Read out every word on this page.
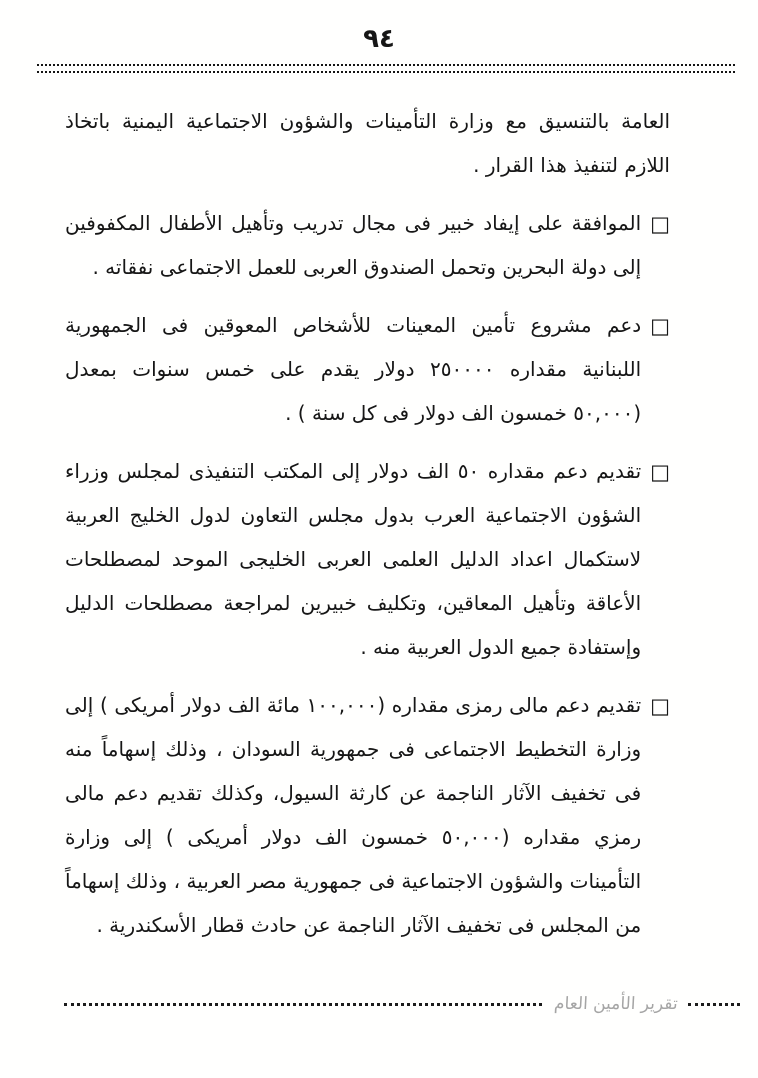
٩٤

العامة بالتنسيق مع وزارة التأمينات والشؤون الاجتماعية اليمنية باتخاذ اللازم لتنفيذ هذا القرار .

□
الموافقة على إيفاد خبير فى مجال تدريب وتأهيل الأطفال المكفوفين إلى دولة البحرين وتحمل الصندوق العربى للعمل الاجتماعى نفقاته .
□
دعم مشروع تأمين المعينات للأشخاص المعوقين فى الجمهورية اللبنانية مقداره ٢٥٠٠٠٠ دولار يقدم على خمس سنوات بمعدل (٥٠,٠٠٠ خمسون الف دولار فى كل سنة ) .
□
تقديم دعم مقداره ٥٠ الف دولار إلى المكتب التنفيذى لمجلس وزراء الشؤون الاجتماعية العرب بدول مجلس التعاون لدول الخليج العربية لاستكمال اعداد الدليل العلمى العربى الخليجى الموحد لمصطلحات الأعاقة وتأهيل المعاقين، وتكليف خبيرين لمراجعة مصطلحات الدليل وإستفادة جميع الدول العربية منه .
□
تقديم دعم مالى رمزى مقداره (١٠٠,٠٠٠ مائة الف دولار أمريكى ) إلى وزارة التخطيط الاجتماعى فى جمهورية السودان ، وذلك إسهاماً منه فى تخفيف الآثار الناجمة عن كارثة السيول، وكذلك تقديم دعم مالى رمزي مقداره (٥٠,٠٠٠ خمسون الف دولار أمريكى ) إلى وزارة التأمينات والشؤون الاجتماعية فى جمهورية مصر العربية ، وذلك إسهاماً من المجلس فى تخفيف الآثار الناجمة عن حادث قطار الأسكندرية .
تقرير الأمين العام
